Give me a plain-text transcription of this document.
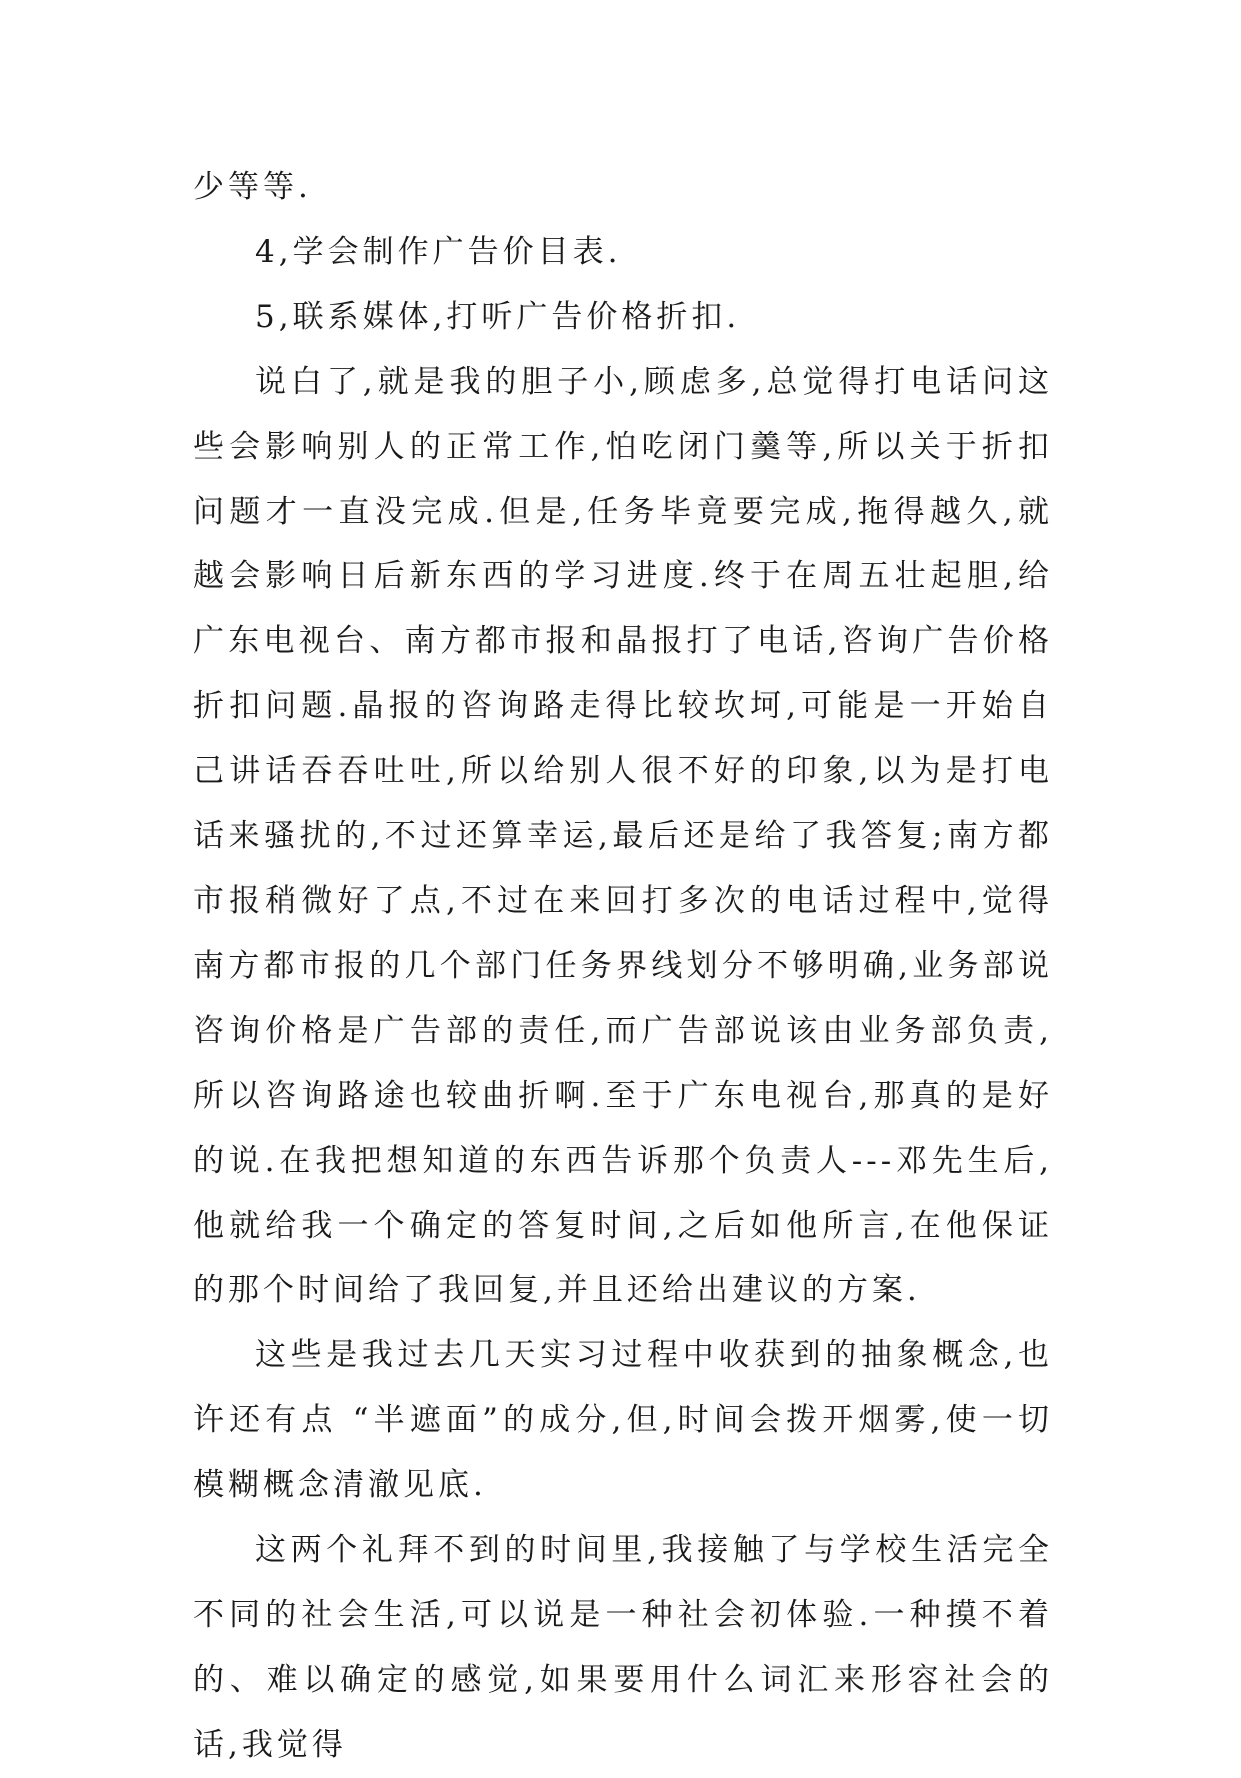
少等等.

4,学会制作广告价目表.

5,联系媒体,打听广告价格折扣.

说白了,就是我的胆子小,顾虑多,总觉得打电话问这些会影响别人的正常工作,怕吃闭门羹等,所以关于折扣问题才一直没完成.但是,任务毕竟要完成,拖得越久,就越会影响日后新东西的学习进度.终于在周五壮起胆,给广东电视台、南方都市报和晶报打了电话,咨询广告价格折扣问题.晶报的咨询路走得比较坎坷,可能是一开始自己讲话吞吞吐吐,所以给别人很不好的印象,以为是打电话来骚扰的,不过还算幸运,最后还是给了我答复;南方都市报稍微好了点,不过在来回打多次的电话过程中,觉得南方都市报的几个部门任务界线划分不够明确,业务部说咨询价格是广告部的责任,而广告部说该由业务部负责,所以咨询路途也较曲折啊.至于广东电视台,那真的是好的说.在我把想知道的东西告诉那个负责人---邓先生后,他就给我一个确定的答复时间,之后如他所言,在他保证的那个时间给了我回复,并且还给出建议的方案.

这些是我过去几天实习过程中收获到的抽象概念,也许还有点 “半遮面”的成分,但,时间会拨开烟雾,使一切模糊概念清澈见底.

这两个礼拜不到的时间里,我接触了与学校生活完全不同的社会生活,可以说是一种社会初体验.一种摸不着的、难以确定的感觉,如果要用什么词汇来形容社会的话,我觉得
